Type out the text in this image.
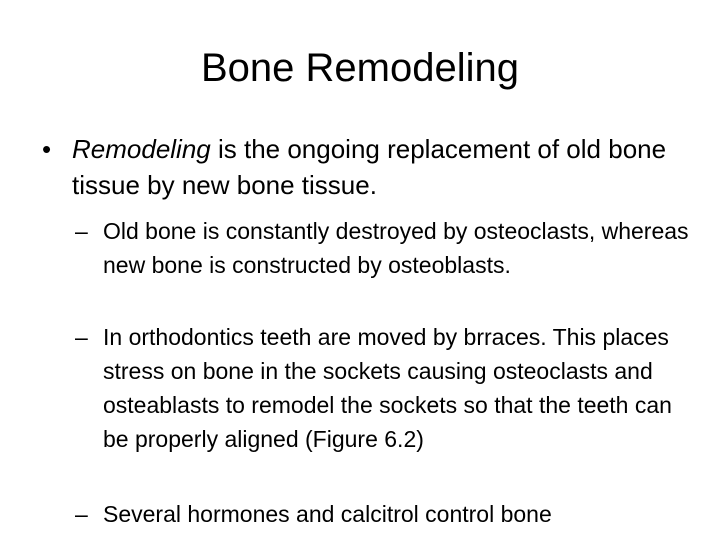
Bone Remodeling
• Remodeling is the ongoing replacement of old bone tissue by new bone tissue.
– Old bone is constantly destroyed by osteoclasts, whereas new bone is constructed by osteoblasts.
– In orthodontics teeth are moved by brraces. This places stress on bone in the sockets causing osteoclasts and osteablasts to remodel the sockets so that the teeth can be properly aligned (Figure 6.2)
– Several hormones and calcitrol control bone
